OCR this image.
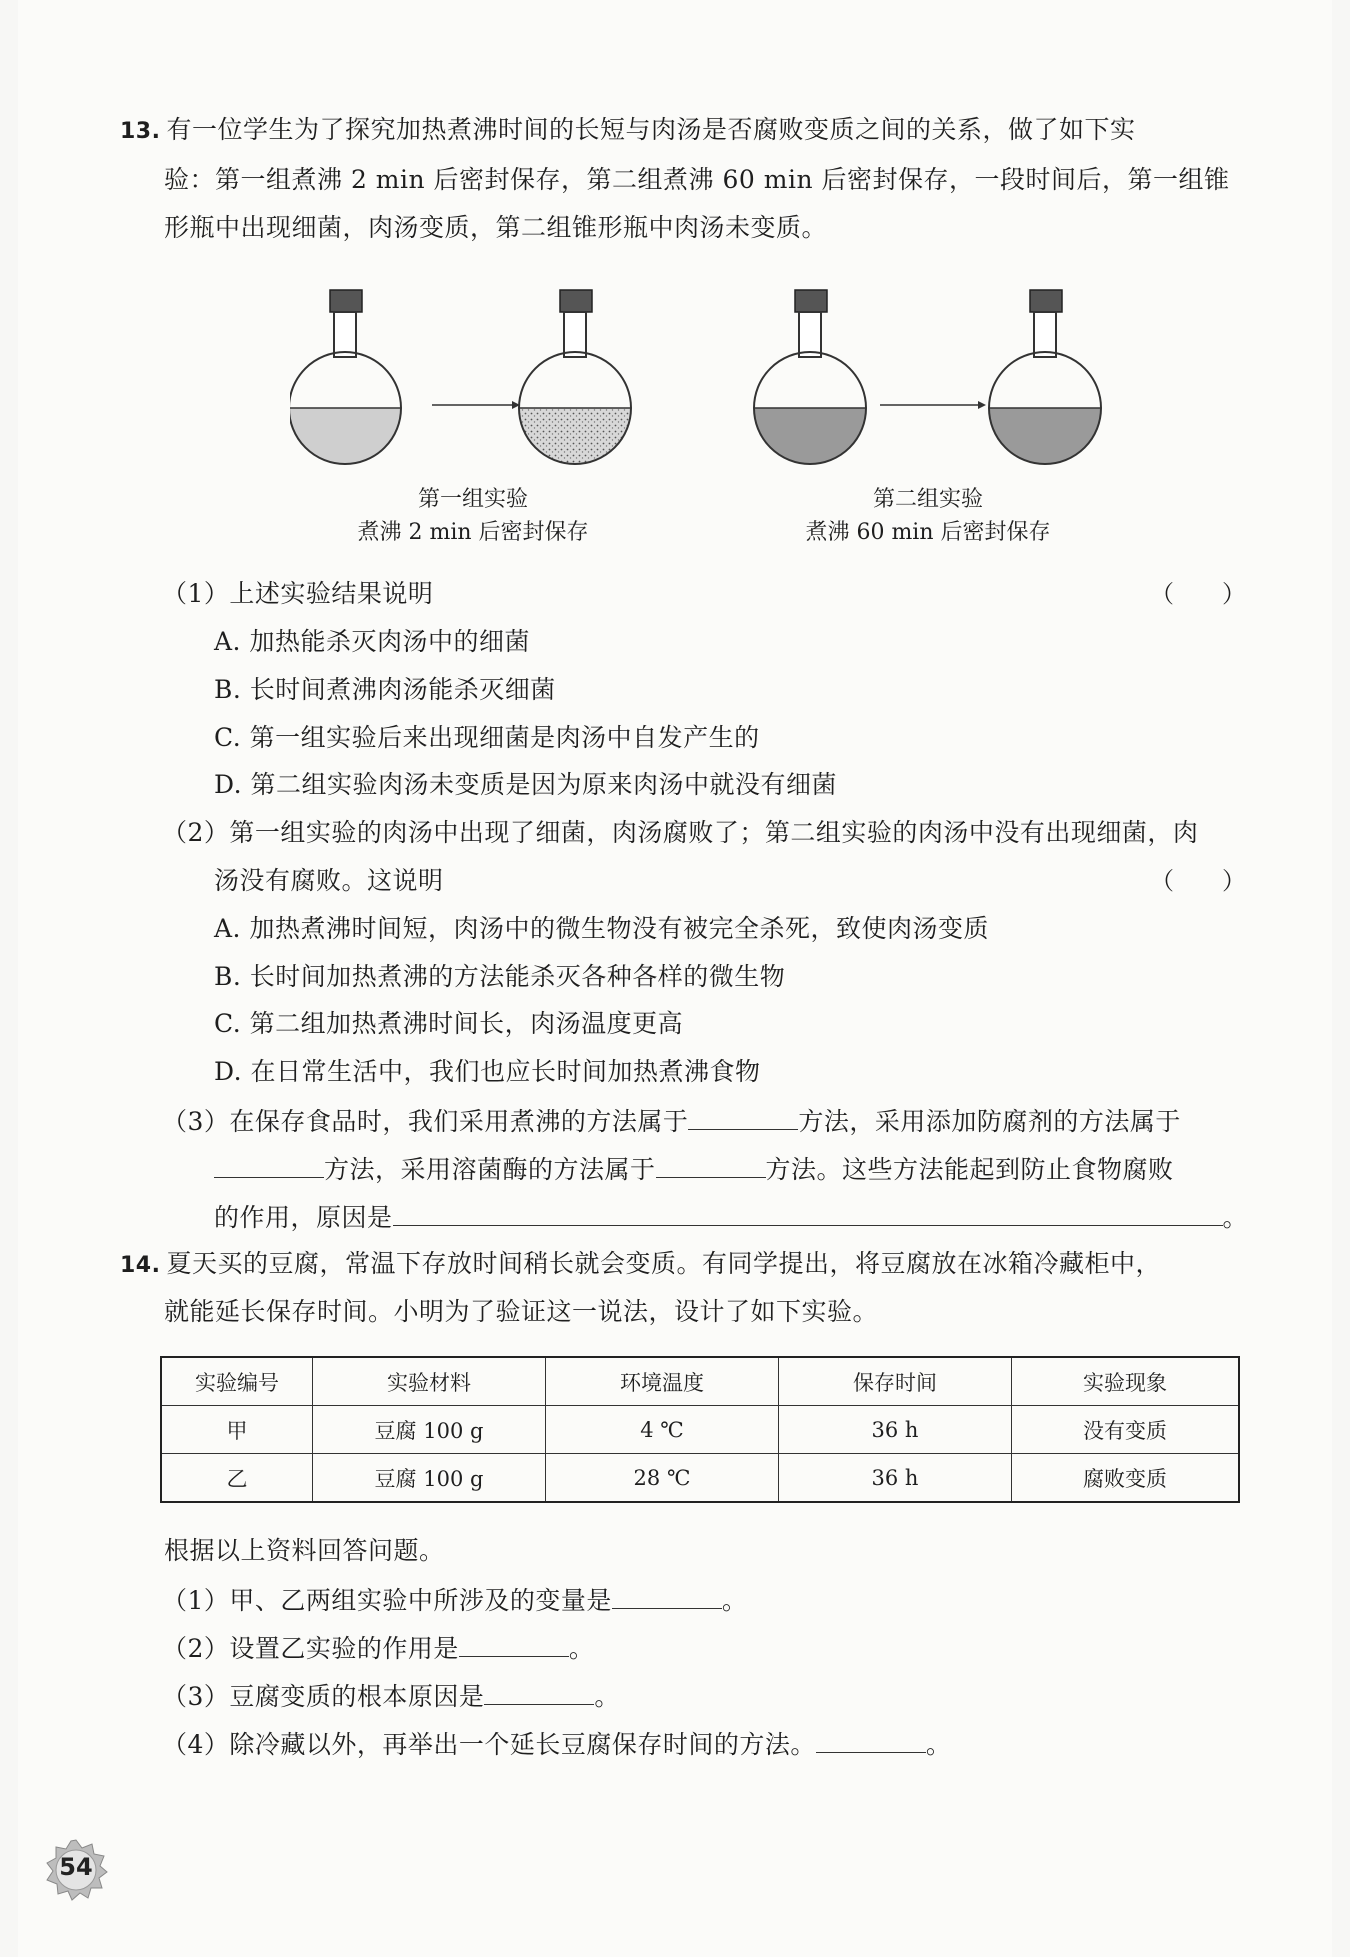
13. 有一位学生为了探究加热煮沸时间的长短与肉汤是否腐败变质之间的关系，做了如下实
验：第一组煮沸 2 min 后密封保存，第二组煮沸 60 min 后密封保存，一段时间后，第一组锥
形瓶中出现细菌，肉汤变质，第二组锥形瓶中肉汤未变质。
第一组实验
煮沸 2 min 后密封保存
第二组实验
煮沸 60 min 后密封保存
（1）上述实验结果说明	（　　）
A. 加热能杀灭肉汤中的细菌
B. 长时间煮沸肉汤能杀灭细菌
C. 第一组实验后来出现细菌是肉汤中自发产生的
D. 第二组实验肉汤未变质是因为原来肉汤中就没有细菌
（2）第一组实验的肉汤中出现了细菌，肉汤腐败了；第二组实验的肉汤中没有出现细菌，肉
汤没有腐败。这说明	（　　）
A. 加热煮沸时间短，肉汤中的微生物没有被完全杀死，致使肉汤变质
B. 长时间加热煮沸的方法能杀灭各种各样的微生物
C. 第二组加热煮沸时间长，肉汤温度更高
D. 在日常生活中，我们也应长时间加热煮沸食物
（3）在保存食品时，我们采用煮沸的方法属于	方法，采用添加防腐剂的方法属于
方法，采用溶菌酶的方法属于	方法。这些方法能起到防止食物腐败
的作用，原因是	。
14. 夏天买的豆腐，常温下存放时间稍长就会变质。有同学提出，将豆腐放在冰箱冷藏柜中，
就能延长保存时间。小明为了验证这一说法，设计了如下实验。
实验编号	实验材料	环境温度	保存时间	实验现象
甲	豆腐 100 g	4 ℃	36 h	没有变质
乙	豆腐 100 g	28 ℃	36 h	腐败变质
根据以上资料回答问题。
（1）甲、乙两组实验中所涉及的变量是	。
（2）设置乙实验的作用是	。
（3）豆腐变质的根本原因是	。
（4）除冷藏以外，再举出一个延长豆腐保存时间的方法。	。
54
